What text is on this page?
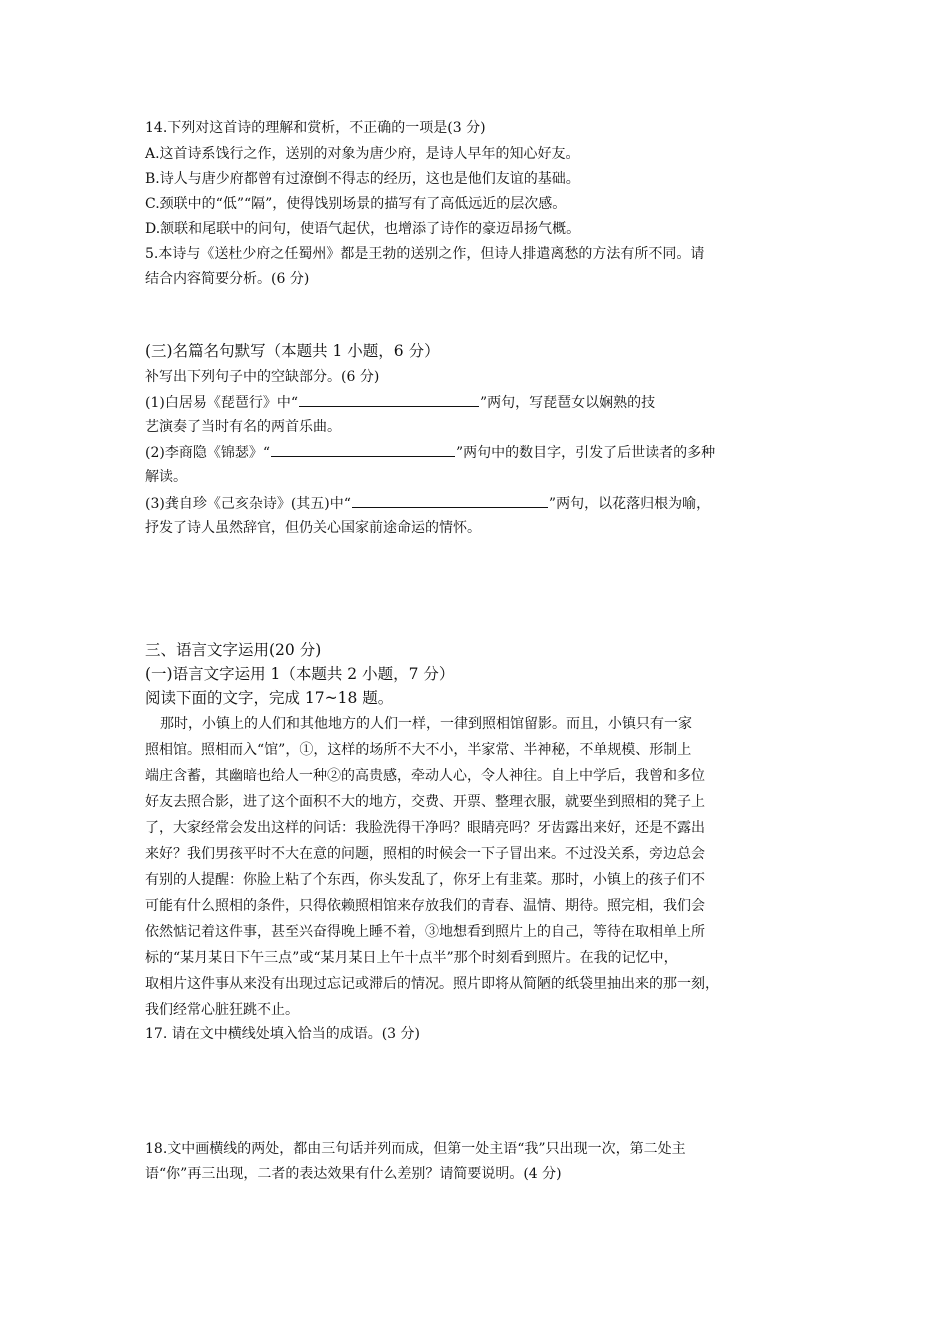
14.下列对这首诗的理解和赏析，不正确的一项是(3 分)
A.这首诗系饯行之作，送别的对象为唐少府，是诗人早年的知心好友。
B.诗人与唐少府都曾有过潦倒不得志的经历，这也是他们友谊的基础。
C.颈联中的“低”“隔”，使得饯别场景的描写有了高低远近的层次感。
D.颔联和尾联中的问句，使语气起伏，也增添了诗作的豪迈昂扬气概。
5.本诗与《送杜少府之任蜀州》都是王勃的送别之作，但诗人排遣离愁的方法有所不同。请
结合内容简要分析。(6 分)
(三)名篇名句默写（本题共 1 小题，6 分）
补写出下列句子中的空缺部分。(6 分)
(1)白居易《琵琶行》中“	”两句，写琵琶女以娴熟的技
艺演奏了当时有名的两首乐曲。
(2)李商隐《锦瑟》“	”两句中的数目字，引发了后世读者的多种
解读。
(3)龚自珍《己亥杂诗》(其五)中“	”两句，以花落归根为喻，
抒发了诗人虽然辞官，但仍关心国家前途命运的情怀。
三、语言文字运用(20 分)
(一)语言文字运用 1（本题共 2 小题，7 分）
阅读下面的文字，完成 17~18 题。
那时，小镇上的人们和其他地方的人们一样，一律到照相馆留影。而且，小镇只有一家
照相馆。照相而入“馆”，①，这样的场所不大不小，半家常、半神秘，不单规模、形制上
端庄含蓄，其幽暗也给人一种②的高贵感，牵动人心，令人神往。自上中学后，我曾和多位
好友去照合影，进了这个面积不大的地方，交费、开票、整理衣服，就要坐到照相的凳子上
了，大家经常会发出这样的问话：我脸洗得干净吗？眼睛亮吗？牙齿露出来好，还是不露出
来好？我们男孩平时不大在意的问题，照相的时候会一下子冒出来。不过没关系，旁边总会
有别的人提醒：你脸上粘了个东西，你头发乱了，你牙上有韭菜。那时，小镇上的孩子们不
可能有什么照相的条件，只得依赖照相馆来存放我们的青春、温情、期待。照完相，我们会
依然惦记着这件事，甚至兴奋得晚上睡不着，③地想看到照片上的自己，等待在取相单上所
标的“某月某日下午三点”或“某月某日上午十点半”那个时刻看到照片。在我的记忆中，
取相片这件事从来没有出现过忘记或滞后的情况。照片即将从简陋的纸袋里抽出来的那一刻，
我们经常心脏狂跳不止。
17. 请在文中横线处填入恰当的成语。(3 分)
18.文中画横线的两处，都由三句话并列而成，但第一处主语“我”只出现一次，第二处主
语“你”再三出现，二者的表达效果有什么差别？请简要说明。(4 分)
